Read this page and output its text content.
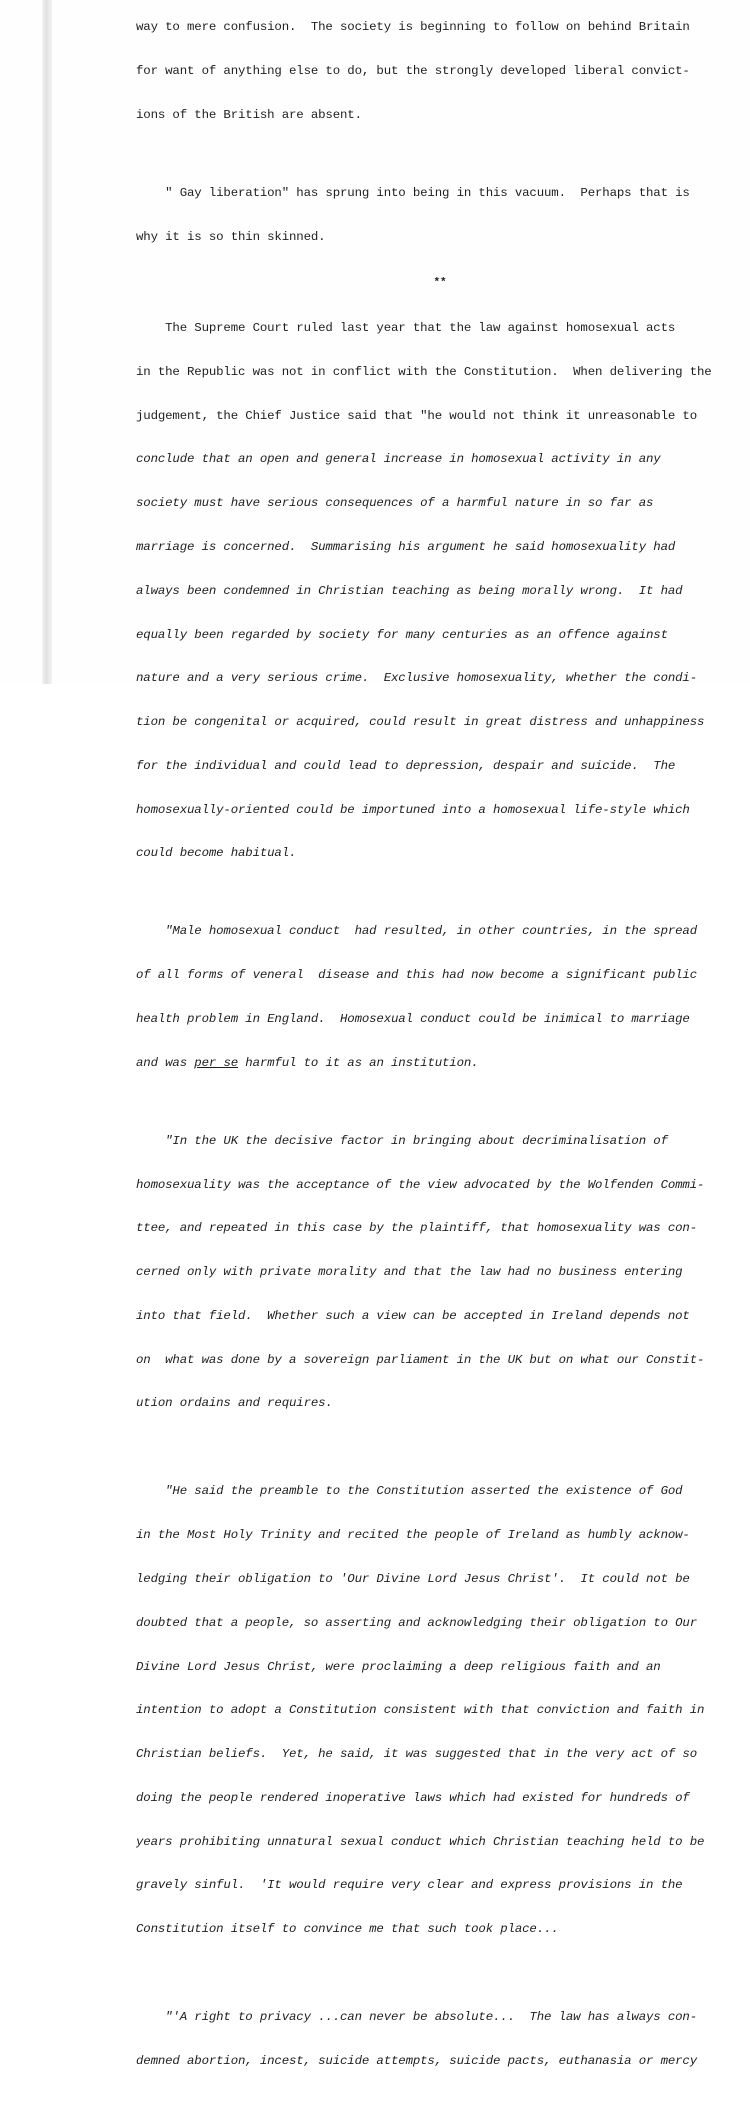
way to mere confusion.  The society is beginning to follow on behind Britain

for want of anything else to do, but the strongly developed liberal convict-

ions of the British are absent.

" Gay liberation" has sprung into being in this vacuum.  Perhaps that is

why it is so thin skinned.

**

The Supreme Court ruled last year that the law against homosexual acts

in the Republic was not in conflict with the Constitution.  When delivering the

judgement, the Chief Justice said that "he would not think it unreasonable to

conclude that an open and general increase in homosexual activity in any

society must have serious consequences of a harmful nature in so far as

marriage is concerned.  Summarising his argument he said homosexuality had

always been condemned in Christian teaching as being morally wrong.  It had

equally been regarded by society for many centuries as an offence against

nature and a very serious crime.  Exclusive homosexuality, whether the condi-

tion be congenital or acquired, could result in great distress and unhappiness

for the individual and could lead to depression, despair and suicide.  The

homosexually-oriented could be importuned into a homosexual life-style which

could become habitual.

"Male homosexual conduct  had resulted, in other countries, in the spread

of all forms of veneral  disease and this had now become a significant public

health problem in England.  Homosexual conduct could be inimical to marriage

and was per se harmful to it as an institution.

"In the UK the decisive factor in bringing about decriminalisation of

homosexuality was the acceptance of the view advocated by the Wolfenden Commi-

ttee, and repeated in this case by the plaintiff, that homosexuality was con-

cerned only with private morality and that the law had no business entering

into that field.  Whether such a view can be accepted in Ireland depends not

on  what was done by a sovereign parliament in the UK but on what our Constit-

ution ordains and requires.

"He said the preamble to the Constitution asserted the existence of God

in the Most Holy Trinity and recited the people of Ireland as humbly acknow-

ledging their obligation to 'Our Divine Lord Jesus Christ'.  It could not be

doubted that a people, so asserting and acknowledging their obligation to Our

Divine Lord Jesus Christ, were proclaiming a deep religious faith and an

intention to adopt a Constitution consistent with that conviction and faith in

Christian beliefs.  Yet, he said, it was suggested that in the very act of so

doing the people rendered inoperative laws which had existed for hundreds of

years prohibiting unnatural sexual conduct which Christian teaching held to be

gravely sinful.  'It would require very clear and express provisions in the

Constitution itself to convince me that such took place...

"'A right to privacy ...can never be absolute...  The law has always con-

demned abortion, incest, suicide attempts, suicide pacts, euthanasia or mercy
